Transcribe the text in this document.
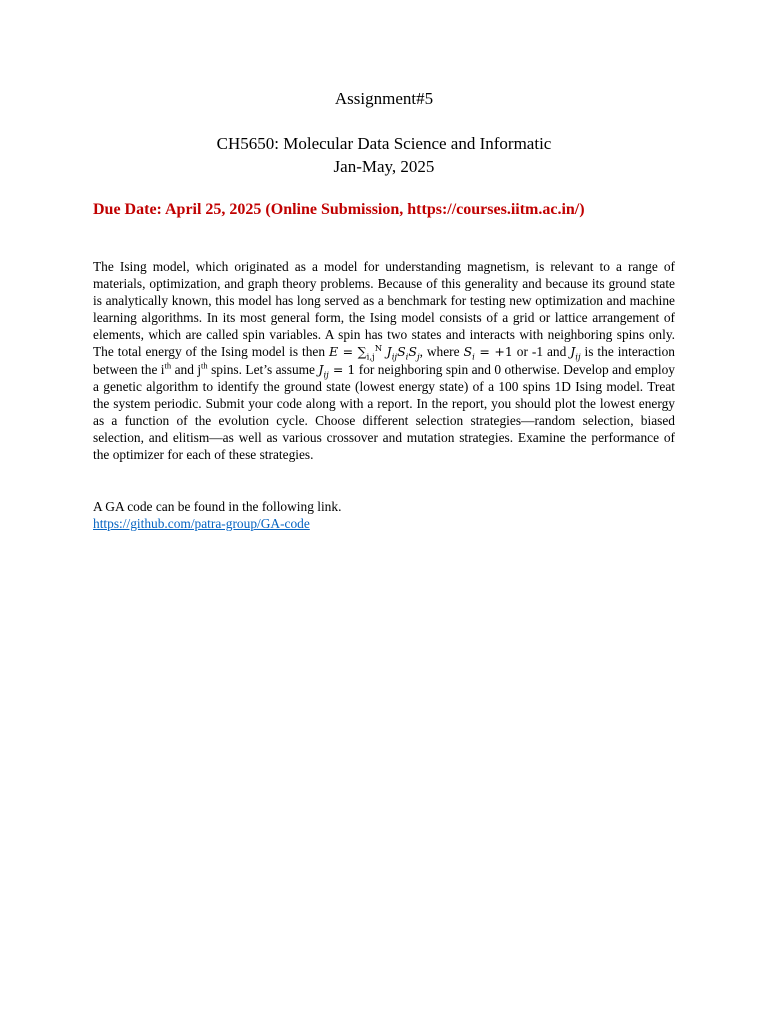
Assignment#5

CH5650: Molecular Data Science and Informatic

Jan-May, 2025

Due Date: April 25, 2025 (Online Submission, https://courses.iitm.ac.in/)

The Ising model, which originated as a model for understanding magnetism, is relevant to a range of materials, optimization, and graph theory problems. Because of this generality and because its ground state is analytically known, this model has long served as a benchmark for testing new optimization and machine learning algorithms. In its most general form, the Ising model consists of a grid or lattice arrangement of elements, which are called spin variables. A spin has two states and interacts with neighboring spins only. The total energy of the Ising model is then $E = \sum_{i,j}^N$ $J_{ij}S_iS_j$, where $S_i = +1$ or -1 and $J_{ij}$ is the interaction between the $i^{th}$ and $j^{th}$ spins. Let’s assume $J_{ij} = 1$ for neighboring spin and 0 otherwise. Develop and employ a genetic algorithm to identify the ground state (lowest energy state) of a 100 spins 1D Ising model. Treat the system periodic. Submit your code along with a report. In the report, you should plot the lowest energy as a function of the evolution cycle. Choose different selection strategies—random selection, biased selection, and elitism—as well as various crossover and mutation strategies. Examine the performance of the optimizer for each of these strategies.

A GA code can be found in the following link.

https://github.com/patra-group/GA-code
